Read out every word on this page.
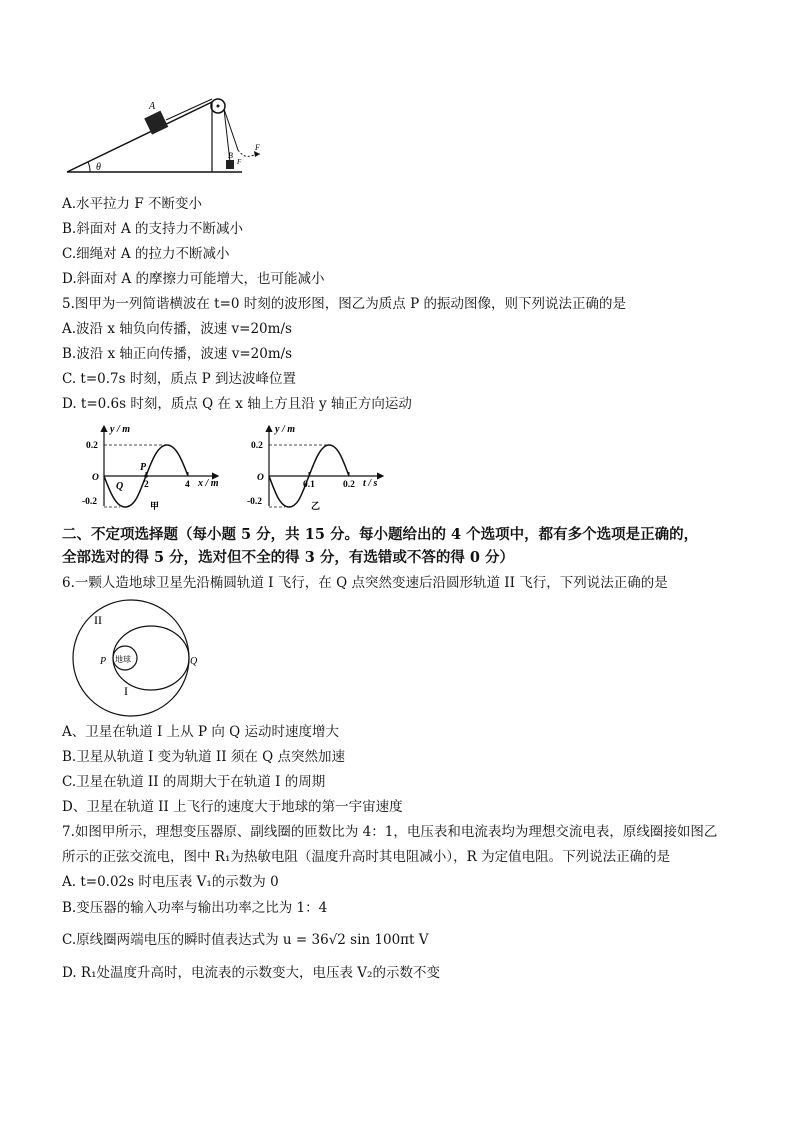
A
B
F
F
θ
A.水平拉力 F 不断变小
B.斜面对 A 的支持力不断减小
C.细绳对 A 的拉力不断减小
D.斜面对 A 的摩擦力可能增大，也可能减小
5.图甲为一列简谐横波在 t=0 时刻的波形图，图乙为质点 P 的振动图像，则下列说法正确的是
A.波沿 x 轴负向传播，波速 v=20m/s
B.波沿 x 轴正向传播，波速 v=20m/s
C. t=0.7s 时刻，质点 P 到达波峰位置
D. t=0.6s 时刻，质点 Q 在 x 轴上方且沿 y 轴正方向运动
y / m
0.2
-0.2
O
2	4 x / m
P
Q
甲
y / m
0.2
-0.2
O
0.1	0.2 t / s
乙
二、不定项选择题（每小题 5 分，共 15 分。每小题给出的 4 个选项中，都有多个选项是正确的，
全部选对的得 5 分，选对但不全的得 3 分，有选错或不答的得 0 分）
6.一颗人造地球卫星先沿椭圆轨道 I 飞行，在 Q 点突然变速后沿圆形轨道 II 飞行，下列说法正确的是
地球
II
I
P	Q
A、卫星在轨道 I 上从 P 向 Q 运动时速度增大
B.卫星从轨道 I 变为轨道 II 须在 Q 点突然加速
C.卫星在轨道 II 的周期大于在轨道 I 的周期
D、卫星在轨道 II 上飞行的速度大于地球的第一宇宙速度
7.如图甲所示，理想变压器原、副线圈的匝数比为 4：1，电压表和电流表均为理想交流电表，原线圈接如图乙
所示的正弦交流电，图中 R₁为热敏电阻（温度升高时其电阻减小），R 为定值电阻。下列说法正确的是
A. t=0.02s 时电压表 V₁的示数为 0
B.变压器的输入功率与输出功率之比为 1：4
C.原线圈两端电压的瞬时值表达式为 u = 36√2 sin 100πt V
D. R₁处温度升高时，电流表的示数变大，电压表 V₂的示数不变
